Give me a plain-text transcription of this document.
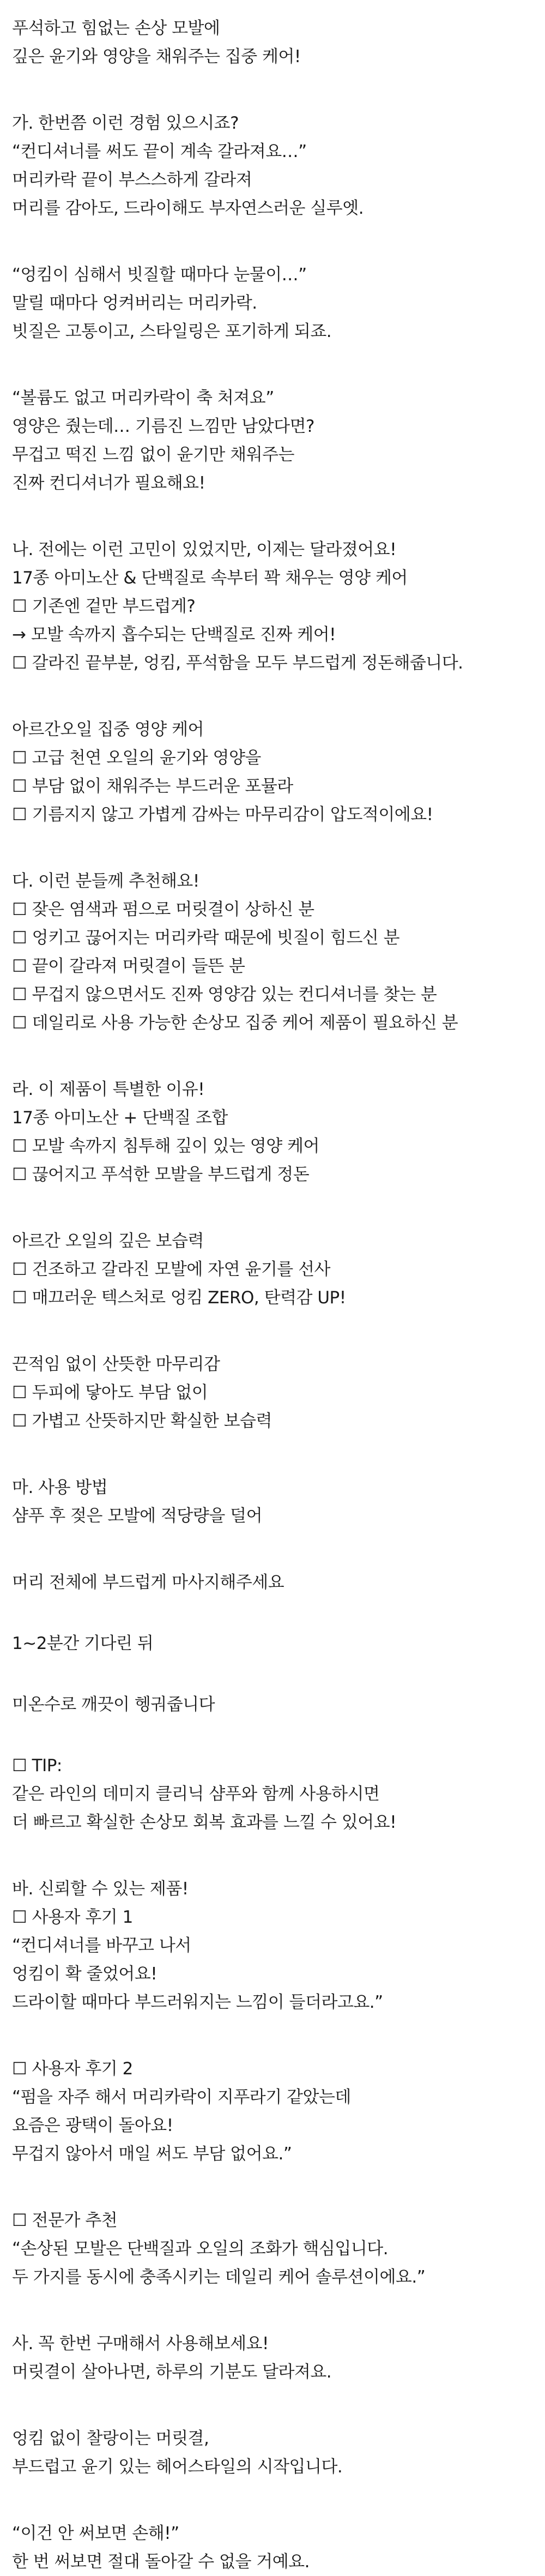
푸석하고 힘없는 손상 모발에
깊은 윤기와 영양을 채워주는 집중 케어!
가. 한번쯤 이런 경험 있으시죠?
“컨디셔너를 써도 끝이 계속 갈라져요…”
머리카락 끝이 부스스하게 갈라져
머리를 감아도, 드라이해도 부자연스러운 실루엣.
“엉킴이 심해서 빗질할 때마다 눈물이…”
말릴 때마다 엉켜버리는 머리카락.
빗질은 고통이고, 스타일링은 포기하게 되죠.
“볼륨도 없고 머리카락이 축 처져요”
영양은 줬는데… 기름진 느낌만 남았다면?
무겁고 떡진 느낌 없이 윤기만 채워주는
진짜 컨디셔너가 필요해요!
나. 전에는 이런 고민이 있었지만, 이제는 달라졌어요!
17종 아미노산 & 단백질로 속부터 꽉 채우는 영양 케어
☐ 기존엔 겉만 부드럽게?
→ 모발 속까지 흡수되는 단백질로 진짜 케어!
☐ 갈라진 끝부분, 엉킴, 푸석함을 모두 부드럽게 정돈해줍니다.
아르간오일 집중 영양 케어
☐ 고급 천연 오일의 윤기와 영양을
☐ 부담 없이 채워주는 부드러운 포뮬라
☐ 기름지지 않고 가볍게 감싸는 마무리감이 압도적이에요!
다. 이런 분들께 추천해요!
☐ 잦은 염색과 펌으로 머릿결이 상하신 분
☐ 엉키고 끊어지는 머리카락 때문에 빗질이 힘드신 분
☐ 끝이 갈라져 머릿결이 들뜬 분
☐ 무겁지 않으면서도 진짜 영양감 있는 컨디셔너를 찾는 분
☐ 데일리로 사용 가능한 손상모 집중 케어 제품이 필요하신 분
라. 이 제품이 특별한 이유!
17종 아미노산 + 단백질 조합
☐ 모발 속까지 침투해 깊이 있는 영양 케어
☐ 끊어지고 푸석한 모발을 부드럽게 정돈
아르간 오일의 깊은 보습력
☐ 건조하고 갈라진 모발에 자연 윤기를 선사
☐ 매끄러운 텍스처로 엉킴 ZERO, 탄력감 UP!
끈적임 없이 산뜻한 마무리감
☐ 두피에 닿아도 부담 없이
☐ 가볍고 산뜻하지만 확실한 보습력
마. 사용 방법
샴푸 후 젖은 모발에 적당량을 덜어
머리 전체에 부드럽게 마사지해주세요
1~2분간 기다린 뒤
미온수로 깨끗이 헹궈줍니다
☐ TIP:
같은 라인의 데미지 클리닉 샴푸와 함께 사용하시면
더 빠르고 확실한 손상모 회복 효과를 느낄 수 있어요!
바. 신뢰할 수 있는 제품!
☐ 사용자 후기 1
“컨디셔너를 바꾸고 나서
엉킴이 확 줄었어요!
드라이할 때마다 부드러워지는 느낌이 들더라고요.”
☐ 사용자 후기 2
“펌을 자주 해서 머리카락이 지푸라기 같았는데
요즘은 광택이 돌아요!
무겁지 않아서 매일 써도 부담 없어요.”
☐ 전문가 추천
“손상된 모발은 단백질과 오일의 조화가 핵심입니다.
두 가지를 동시에 충족시키는 데일리 케어 솔루션이에요.”
사. 꼭 한번 구매해서 사용해보세요!
머릿결이 살아나면, 하루의 기분도 달라져요.
엉킴 없이 찰랑이는 머릿결,
부드럽고 윤기 있는 헤어스타일의 시작입니다.
“이건 안 써보면 손해!”
한 번 써보면 절대 돌아갈 수 없을 거예요.
